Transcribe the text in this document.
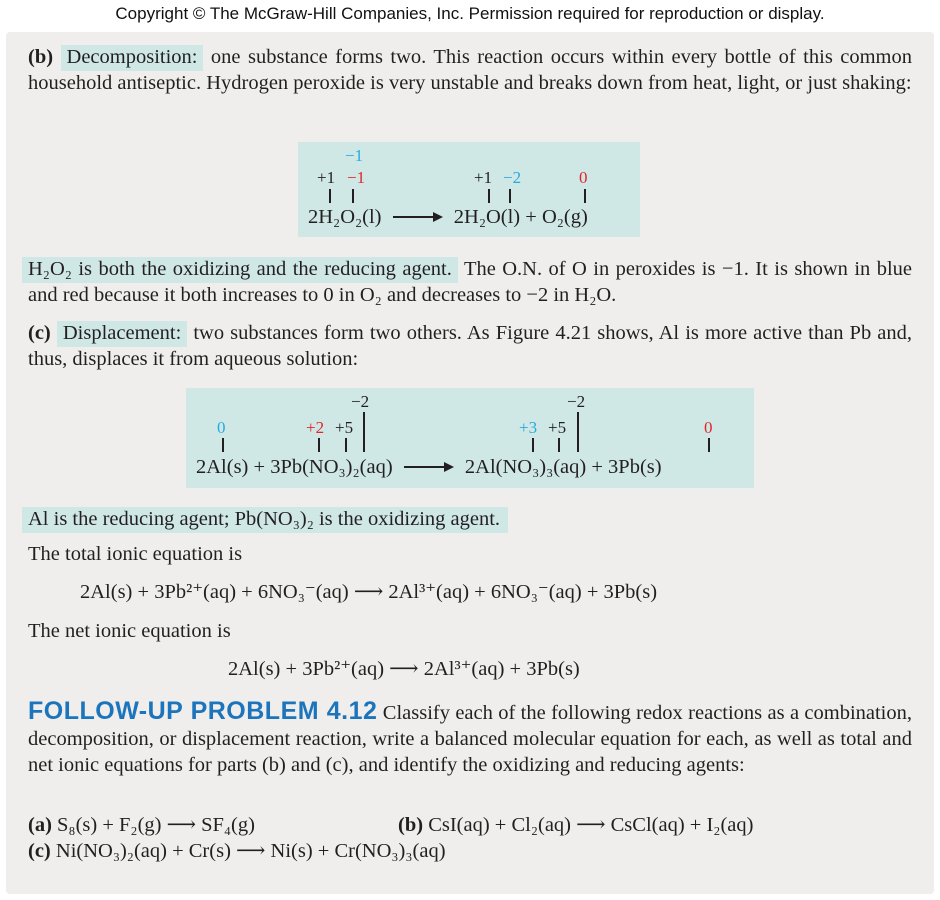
Copyright © The McGraw-Hill Companies, Inc. Permission required for reproduction or display.
(b) Decomposition: one substance forms two. This reaction occurs within every bottle of this common household antiseptic. Hydrogen peroxide is very unstable and breaks down from heat, light, or just shaking:
−1
+1 −1	+1 −2	0
2H₂O₂(l)	2H₂O(l) + O₂(g)
H₂O₂ is both the oxidizing and the reducing agent. The O.N. of O in peroxides is −1. It is shown in blue and red because it both increases to 0 in O₂ and decreases to −2 in H₂O.
(c) Displacement: two substances form two others. As Figure 4.21 shows, Al is more active than Pb and, thus, displaces it from aqueous solution:
−2	−2
0	+2 +5	+3 +5	0
2Al(s) + 3Pb(NO₃)₂(aq)	2Al(NO₃)₃(aq) + 3Pb(s)
Al is the reducing agent; Pb(NO₃)₂ is the oxidizing agent.
The total ionic equation is
2Al(s) + 3Pb²⁺(aq) + 6NO₃⁻(aq) ⟶ 2Al³⁺(aq) + 6NO₃⁻(aq) + 3Pb(s)
The net ionic equation is
2Al(s) + 3Pb²⁺(aq) ⟶ 2Al³⁺(aq) + 3Pb(s)
FOLLOW-UP PROBLEM 4.12 Classify each of the following redox reactions as a combination, decomposition, or displacement reaction, write a balanced molecular equation for each, as well as total and net ionic equations for parts (b) and (c), and identify the oxidizing and reducing agents:
(a) S₈(s) + F₂(g) ⟶ SF₄(g)	(b) CsI(aq) + Cl₂(aq) ⟶ CsCl(aq) + I₂(aq)
(c) Ni(NO₃)₂(aq) + Cr(s) ⟶ Ni(s) + Cr(NO₃)₃(aq)
